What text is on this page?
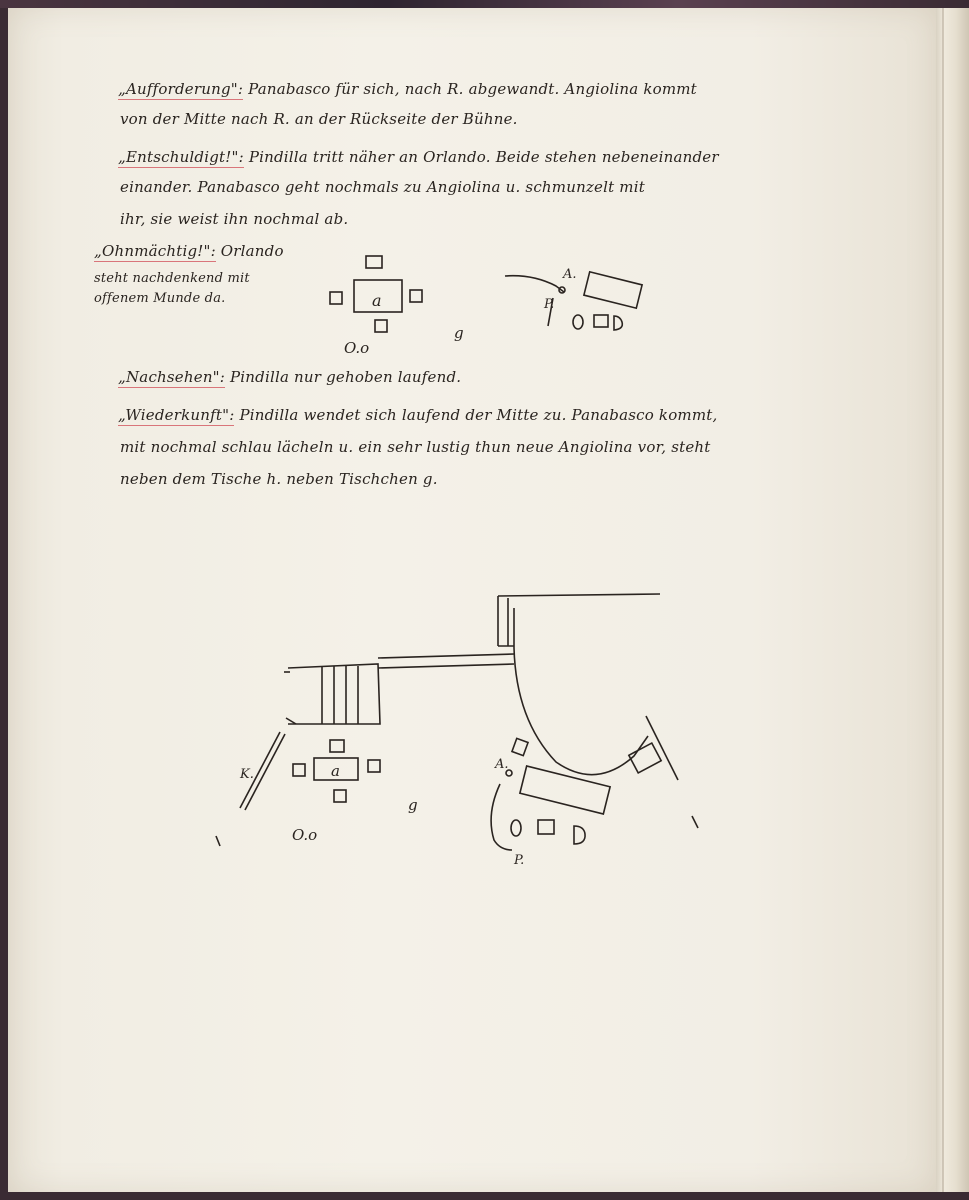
„Aufforderung": Panabasco für sich, nach R. abgewandt. Angiolina kommt
von der Mitte nach R. an der Rückseite der Bühne.
„Entschuldigt!": Pindilla tritt näher an Orlando. Beide stehen nebeneinander
einander. Panabasco geht nochmals zu Angiolina u. schmunzelt mit
ihr, sie weist ihn nochmal ab.
„Ohnmächtig!": Orlando
steht nachdenkend mit
offenem Munde da.
„Nachsehen": Pindilla nur gehoben laufend.
„Wiederkunft": Pindilla wendet sich laufend der Mitte zu. Panabasco kommt,
mit nochmal schlau lächeln u. ein sehr lustig thun neue Angiolina vor, steht
neben dem Tische h. neben Tischchen g.
a
O.o
g
A.
P.
a
O.o
g
A.
P.
K.
